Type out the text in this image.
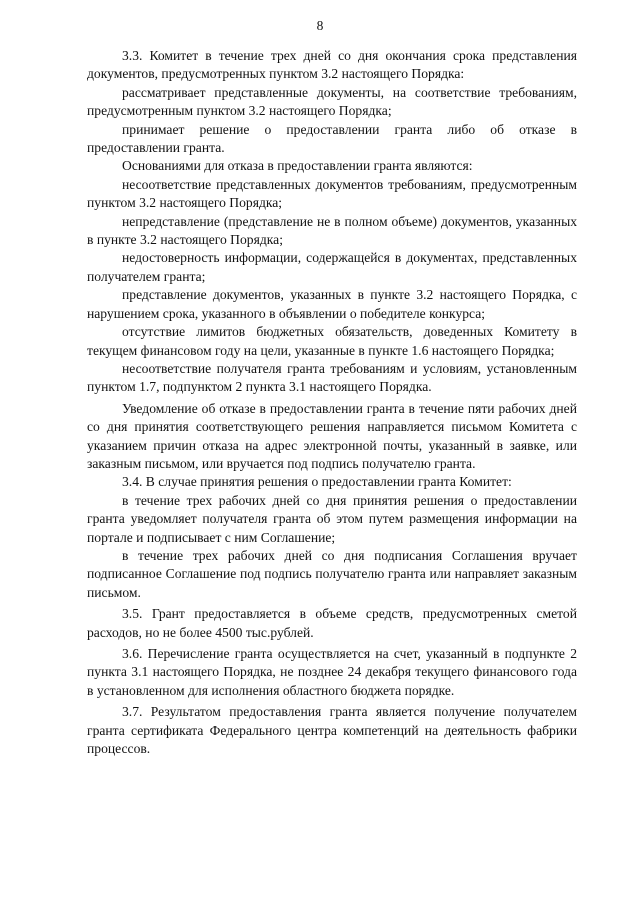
8

3.3. Комитет в течение трех дней со дня окончания срока представления документов, предусмотренных пунктом 3.2 настоящего Порядка:

рассматривает представленные документы, на соответствие требованиям, предусмотренным пунктом 3.2 настоящего Порядка;

принимает решение о предоставлении гранта либо об отказе в предоставлении гранта.

Основаниями для отказа в предоставлении гранта являются:

несоответствие представленных документов требованиям, предусмотренным пунктом 3.2 настоящего Порядка;

непредставление (представление не в полном объеме) документов, указанных в пункте 3.2 настоящего Порядка;

недостоверность информации, содержащейся в документах, представленных получателем гранта;

представление документов, указанных в пункте 3.2 настоящего Порядка, с нарушением срока, указанного в объявлении о победителе конкурса;

отсутствие лимитов бюджетных обязательств, доведенных Комитету в текущем финансовом году на цели, указанные в пункте 1.6 настоящего Порядка;

несоответствие получателя гранта требованиям и условиям, установленным пунктом 1.7, подпунктом 2 пункта 3.1 настоящего Порядка.

Уведомление об отказе в предоставлении гранта в течение пяти рабочих дней со дня принятия соответствующего решения направляется письмом Комитета с указанием причин отказа на адрес электронной почты, указанный в заявке, или заказным письмом, или вручается под подпись получателю гранта.

3.4. В случае принятия решения о предоставлении гранта Комитет:

в течение трех рабочих дней со дня принятия решения о предоставлении гранта уведомляет получателя гранта об этом путем размещения информации на портале и подписывает с ним Соглашение;

в течение трех рабочих дней со дня подписания Соглашения вручает подписанное Соглашение под подпись получателю гранта или направляет заказным письмом.

3.5. Грант предоставляется в объеме средств, предусмотренных сметой расходов, но не более 4500 тыс.рублей.

3.6. Перечисление гранта осуществляется на счет, указанный в подпункте 2 пункта 3.1 настоящего Порядка, не позднее 24 декабря текущего финансового года в установленном для исполнения областного бюджета порядке.

3.7. Результатом предоставления гранта является получение получателем гранта сертификата Федерального центра компетенций на деятельность фабрики процессов.
